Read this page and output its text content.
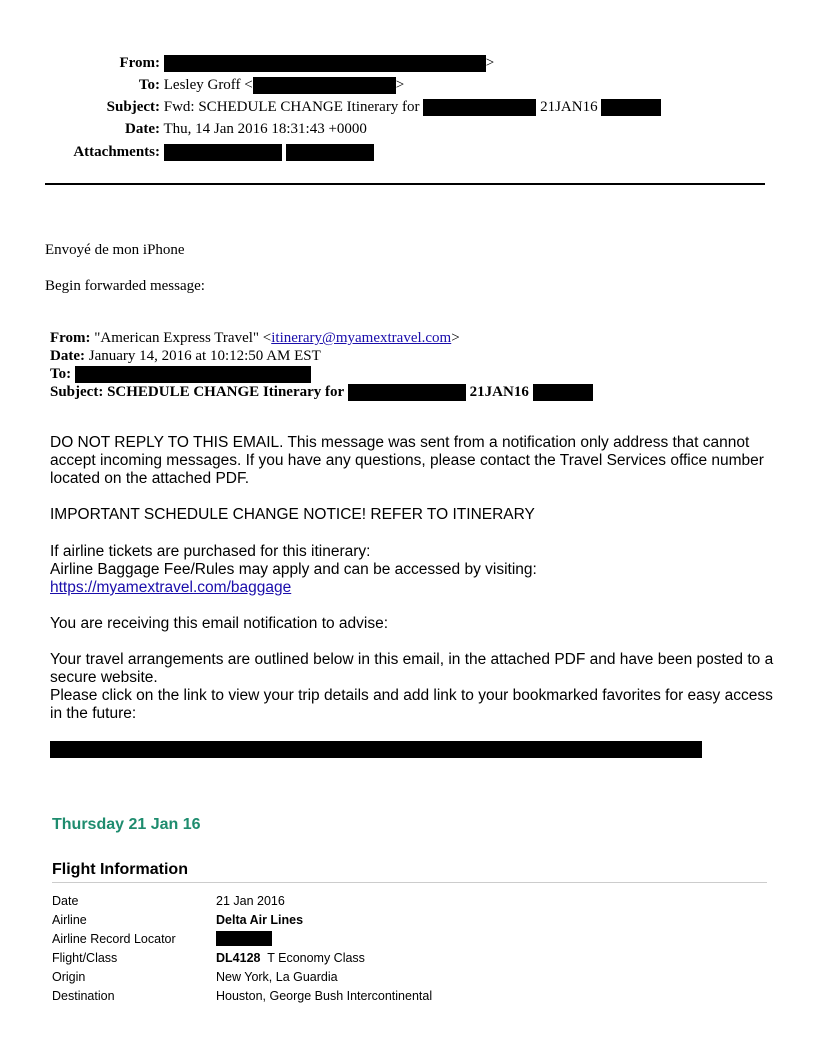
From:	>
To: Lesley Groff <	>
Subject: Fwd: SCHEDULE CHANGE Itinerary for	21JAN16
Date: Thu, 14 Jan 2016 18:31:43 +0000
Attachments:
Envoyé de mon iPhone
Begin forwarded message:
From: "American Express Travel" <itinerary@myamextravel.com>
Date: January 14, 2016 at 10:12:50 AM EST
To:
Subject: SCHEDULE CHANGE Itinerary for	21JAN16
DO NOT REPLY TO THIS EMAIL. This message was sent from a notification only address that cannot accept incoming messages. If you have any questions, please contact the Travel Services office number located on the attached PDF.
IMPORTANT SCHEDULE CHANGE NOTICE! REFER TO ITINERARY
If airline tickets are purchased for this itinerary:
Airline Baggage Fee/Rules may apply and can be accessed by visiting:
https://myamextravel.com/baggage
You are receiving this email notification to advise:
Your travel arrangements are outlined below in this email, in the attached PDF and have been posted to a secure website.
Please click on the link to view your trip details and add link to your bookmarked favorites for easy access in the future:
Thursday 21 Jan 16
Flight Information
Date	21 Jan 2016
Airline	Delta Air Lines
Airline Record Locator	
Flight/Class	DL4128 T Economy Class
Origin	New York, La Guardia
Destination	Houston, George Bush Intercontinental
